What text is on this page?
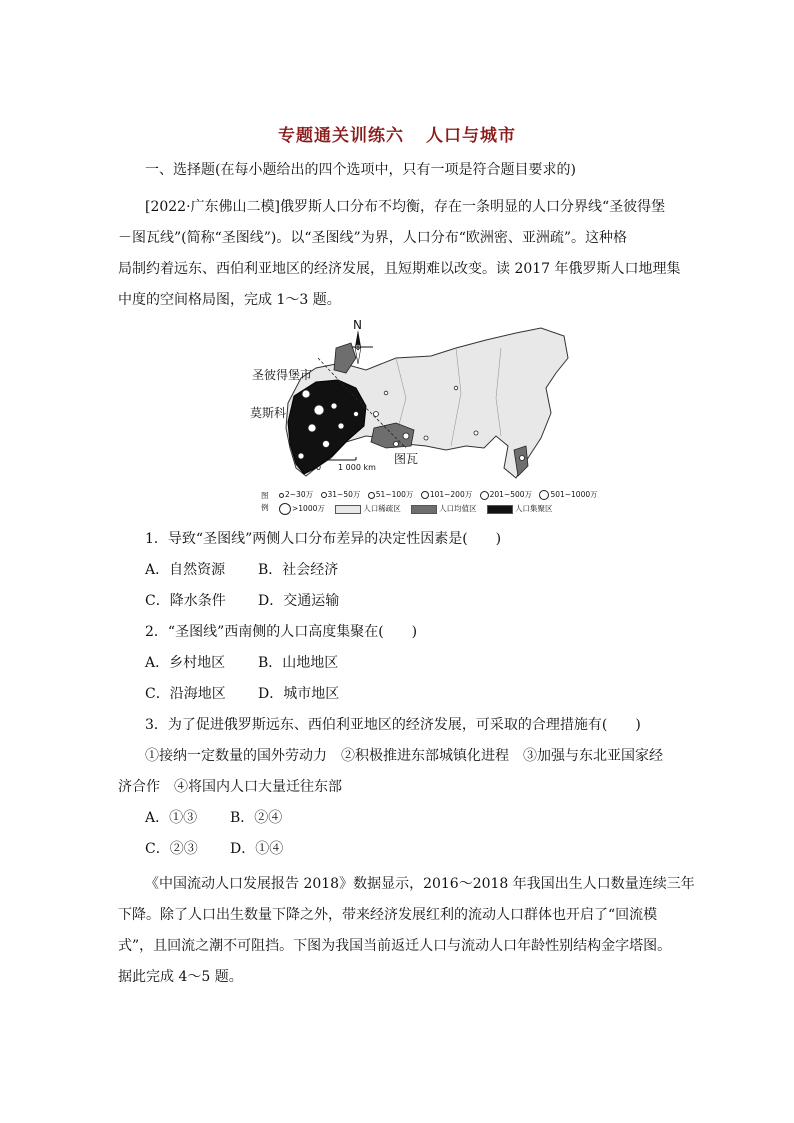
专题通关训练六 人口与城市
一、选择题(在每小题给出的四个选项中，只有一项是符合题目要求的)
[2022·广东佛山二模]俄罗斯人口分布不均衡，存在一条明显的人口分界线“圣彼得堡
－图瓦线”(简称“圣图线”)。以“圣图线”为界，人口分布“欧洲密、亚洲疏”。这种格
局制约着远东、西伯利亚地区的经济发展，且短期难以改变。读 2017 年俄罗斯人口地理集
中度的空间格局图，完成 1～3 题。
N
圣彼得堡市
莫斯科
图瓦
0 1 000 km
图
例
2~30万 31~50万 51~100万 101~200万 201~500万 501~1000万
>1000万	人口稀疏区	人口均值区	人口集聚区
1．导致“圣图线”两侧人口分布差异的决定性因素是(　　)
A．自然资源 B．社会经济
C．降水条件 D．交通运输
2．“圣图线”西南侧的人口高度集聚在(　　)
A．乡村地区 B．山地地区
C．沿海地区 D．城市地区
3．为了促进俄罗斯远东、西伯利亚地区的经济发展，可采取的合理措施有(　　)
①接纳一定数量的国外劳动力　②积极推进东部城镇化进程　③加强与东北亚国家经
济合作　④将国内人口大量迁往东部
A．①③ B．②④
C．②③ D．①④
《中国流动人口发展报告 2018》数据显示，2016～2018 年我国出生人口数量连续三年
下降。除了人口出生数量下降之外，带来经济发展红利的流动人口群体也开启了“回流模
式”，且回流之潮不可阻挡。下图为我国当前返迁人口与流动人口年龄性别结构金字塔图。
据此完成 4～5 题。
